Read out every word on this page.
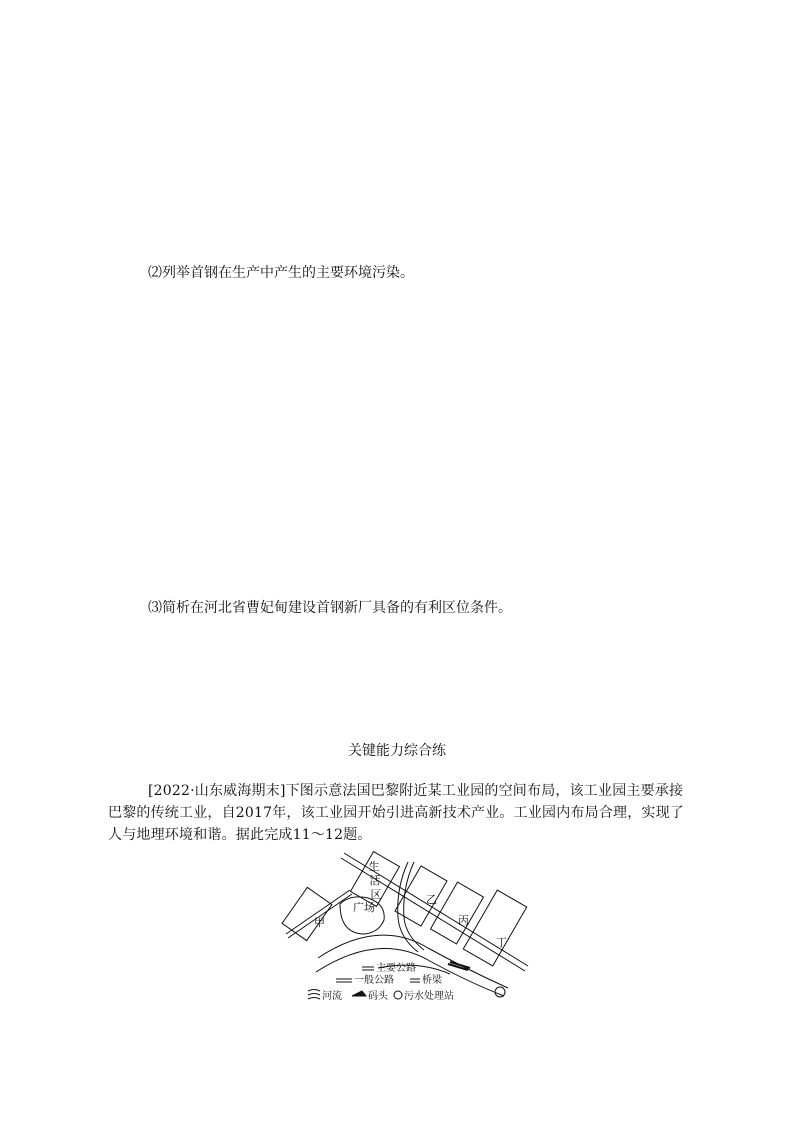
⑵列举首钢在生产中产生的主要环境污染。
⑶简析在河北省曹妃甸建设首钢新厂具备的有利区位条件。
关键能力综合练
[2022·山东威海期末]下图示意法国巴黎附近某工业园的空间布局，该工业园主要承接巴黎的传统工业，自2017年，该工业园开始引进高新技术产业。工业园内布局合理，实现了人与地理环境和谐。据此完成11～12题。
生
活
区
广场
甲
乙
丙
丁
主要公路
一般公路	桥梁
河流	码头 污水处理站
